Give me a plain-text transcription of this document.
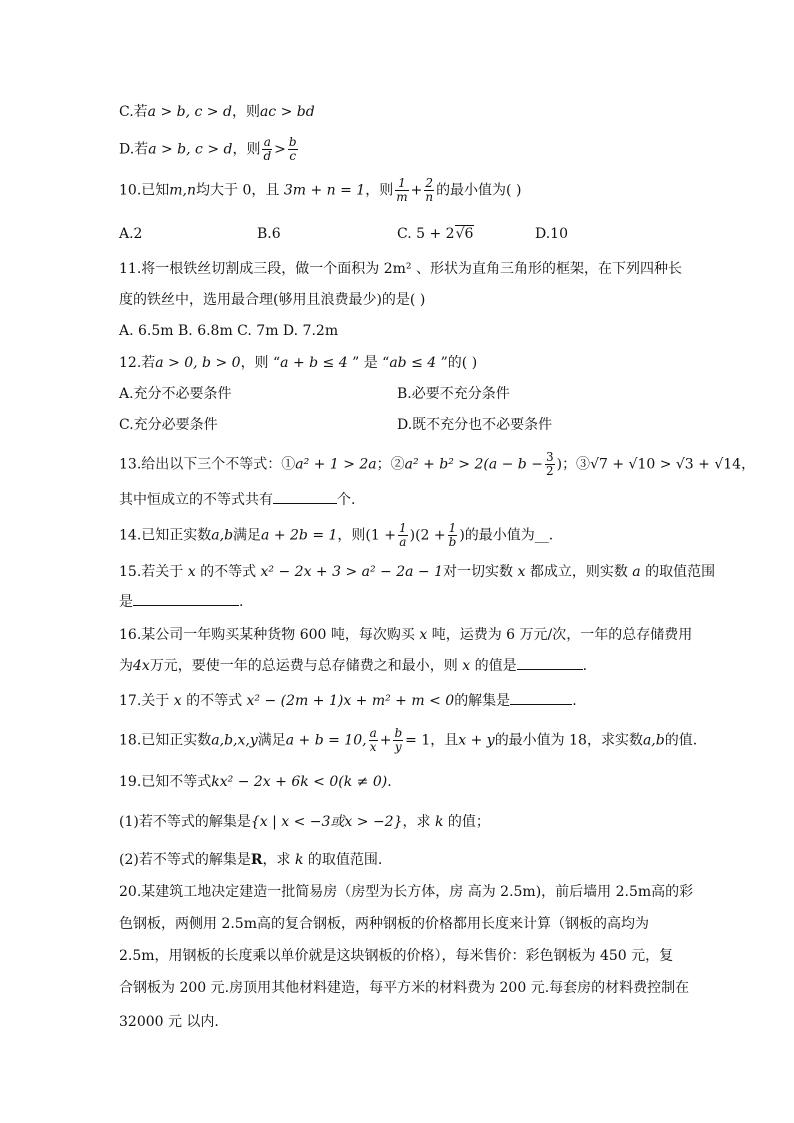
C.若a > b, c > d，则ac > bd
D.若a > b, c > d，则 $\frac{a}{d} > \frac{b}{c}$
10.已知m,n均大于 0，且 3m + n = 1，则 $\frac{1}{m} + \frac{2}{n}$ 的最小值为( )
A.2	B.6	C. 5 + 2√6	D.10
11.将一根铁丝切割成三段，做一个面积为 2m² 、形状为直角三角形的框架，在下列四种长
度的铁丝中，选用最合理(够用且浪费最少)的是( )
A. 6.5m B. 6.8m C. 7m D. 7.2m
12.若a > 0, b > 0，则 “a + b ≤ 4 ” 是 “ab ≤ 4 ”的( )
A.充分不必要条件	B.必要不充分条件
C.充分必要条件	D.既不充分也不必要条件
13.给出以下三个不等式：①a² + 1 > 2a；②a² + $b^2 > 2(a - b - \frac{3}{2}$ )；③√7 + √10 > √3 + √14，
其中恒成立的不等式共有	个.
14.已知正实数a,b满足a + 2b = 1，则$(1 + \frac{1}{a} )(2 + \frac{1}{b}$ )的最小值为__.
15.若关于 x 的不等式 x² − 2x + 3 > a² − 2a − 1对一切实数 x 都成立，则实数 a 的取值范围
是	.
16.某公司一年购买某种货物 600 吨，每次购买 x 吨，运费为 6 万元/次，一年的总存储费用
为4x万元，要使一年的总运费与总存储费之和最小，则 x 的值是	.
17.关于 x 的不等式 x² − (2m + 1)x + m² + m < 0的解集是	.
18.已知正实数a,b,x,y满足a + b = 10, $\frac{a}{x} + \frac{b}{y} = 1$，且x + y的最小值为 18，求实数a,b的值.
19.已知不等式kx² − 2x + 6k < 0(k ≠ 0).
(1)若不等式的解集是{x | x < −3或x > −2}，求 k 的值；
(2)若不等式的解集是R，求 k 的取值范围.
20.某建筑工地决定建造一批简易房（房型为长方体，房 高为 2.5m)，前后墙用 2.5m高的彩
色钢板，两侧用 2.5m高的复合钢板，两种钢板的价格都用长度来计算（钢板的高均为
2.5m，用钢板的长度乘以单价就是这块钢板的价格），每米售价：彩色钢板为 450 元，复
合钢板为 200 元.房顶用其他材料建造，每平方米的材料费为 200 元.每套房的材料费控制在
32000 元 以内.
